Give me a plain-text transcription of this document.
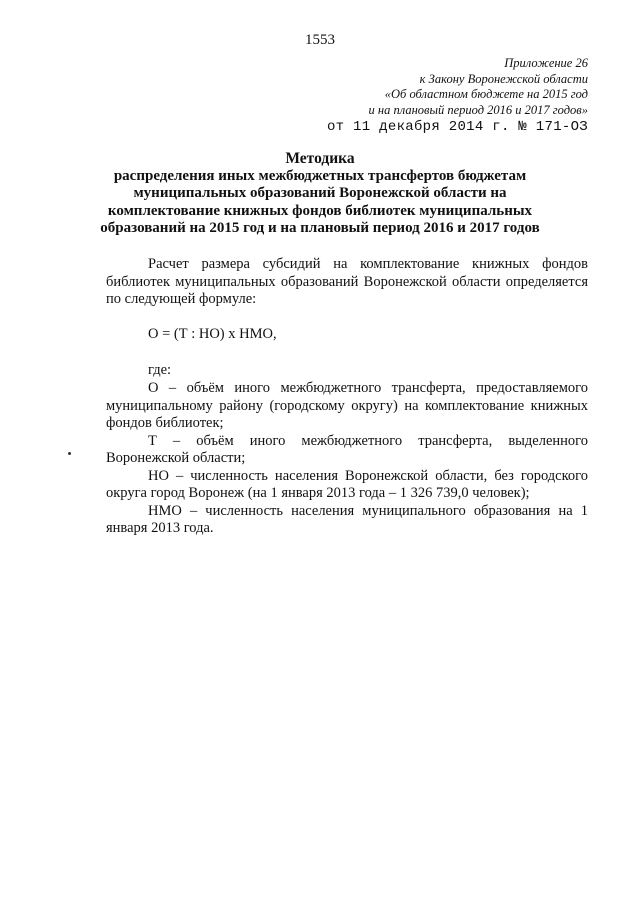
1553
Приложение 26
к Закону Воронежской области
«Об областном бюджете на 2015 год
и на плановый период 2016 и 2017 годов»
от 11 декабря 2014 г. № 171-ОЗ
Методика
распределения иных межбюджетных трансфертов бюджетам
муниципальных образований Воронежской области на
комплектование книжных фондов библиотек муниципальных
образований на 2015 год и на плановый период 2016 и 2017 годов

Расчет размера субсидий на комплектование книжных фондов библиотек муниципальных образований Воронежской области определяется по следующей формуле:

О = (Т : НО) х НМО,
где:

О – объём иного межбюджетного трансферта, предоставляемого муниципальному району (городскому округу) на комплектование книжных фондов библиотек;

Т – объём иного межбюджетного трансферта, выделенного Воронежской области;

НО – численность населения Воронежской области, без городского округа город Воронеж (на 1 января 2013 года – 1 326 739,0 человек);

НМО – численность населения муниципального образования на 1 января 2013 года.
